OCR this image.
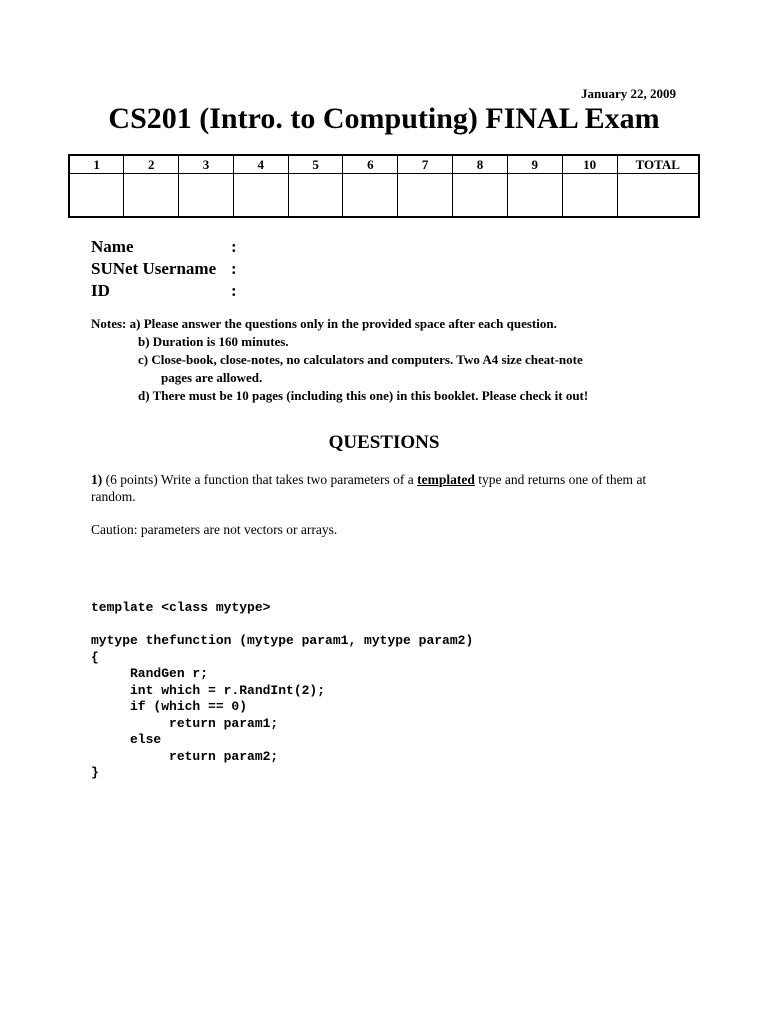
January 22, 2009
CS201 (Intro. to Computing) FINAL Exam
1	2	3	4	5	6	7	8	9	10	TOTAL

Name	:
SUNet Username :
ID	:
Notes: a) Please answer the questions only in the provided space after each question.
b) Duration is 160 minutes.
c) Close-book, close-notes, no calculators and computers. Two A4 size cheat-note
pages are allowed.
d) There must be 10 pages (including this one) in this booklet. Please check it out!
QUESTIONS
1) (6 points) Write a function that takes two parameters of a templated type and returns one of them at random.
Caution: parameters are not vectors or arrays.
template <class mytype>

mytype thefunction (mytype param1, mytype param2)
{
RandGen r;
int which = r.RandInt(2);
if (which == 0)
return param1;
else
return param2;
}
